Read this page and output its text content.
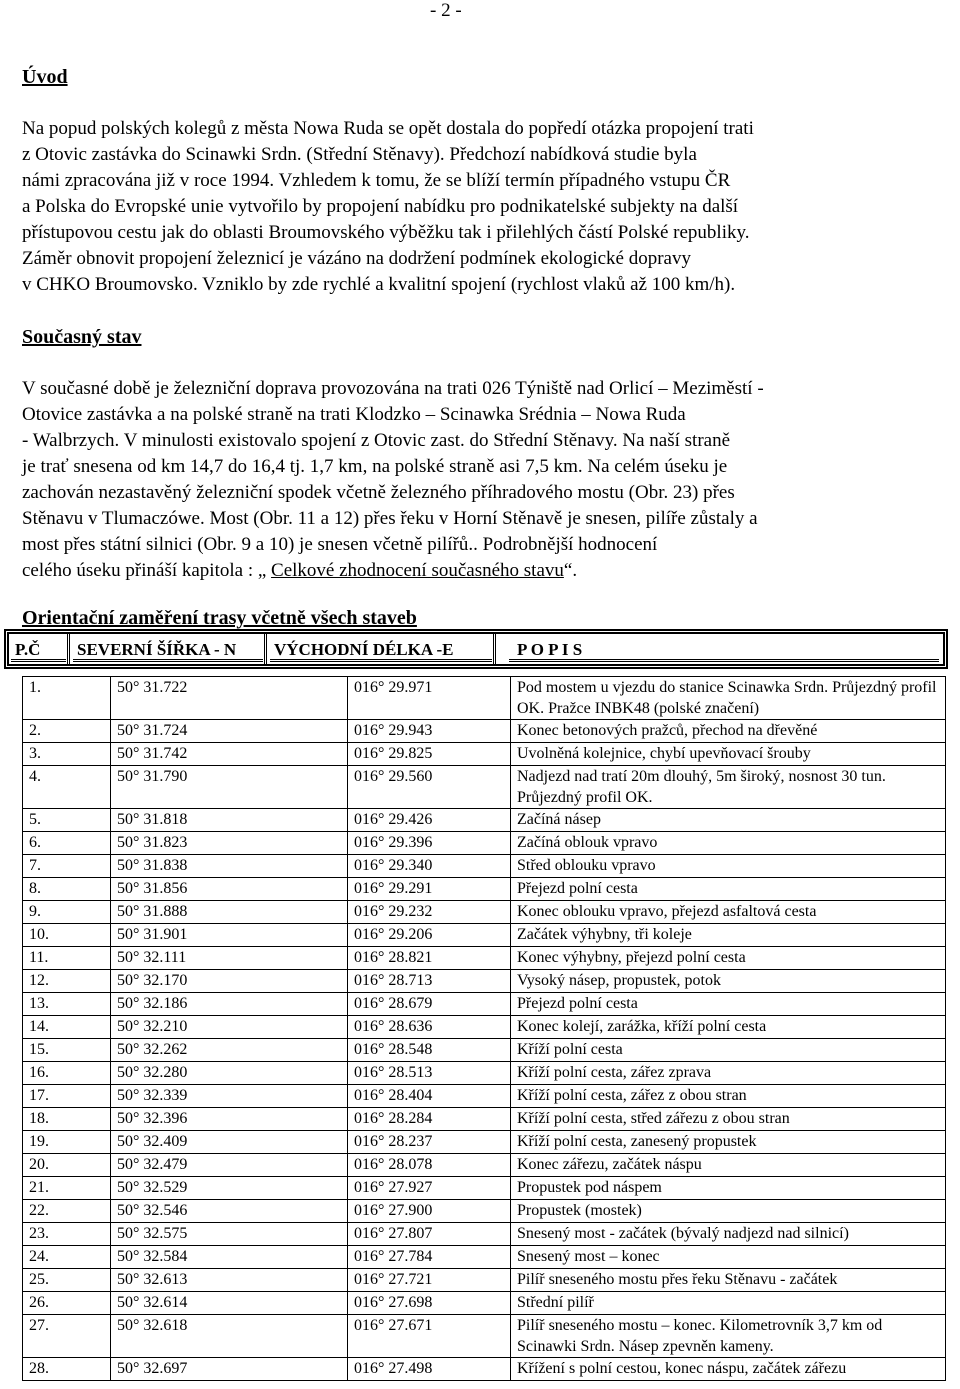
- 2 -
Úvod
Na popud polských kolegů z města Nowa Ruda se opět dostala do popředí otázka propojení trati
z Otovic zastávka do Scinawki Srdn. (Střední Stěnavy). Předchozí nabídková studie byla
námi zpracována již v roce 1994. Vzhledem k tomu, že se blíží termín případného vstupu ČR
a Polska do Evropské unie vytvořilo by propojení nabídku pro podnikatelské subjekty na další
přístupovou cestu jak do oblasti Broumovského výběžku tak i přilehlých částí Polské republiky.
Záměr obnovit propojení železnicí je vázáno na dodržení podmínek ekologické dopravy
v CHKO Broumovsko. Vzniklo by zde rychlé a kvalitní spojení (rychlost vlaků až 100 km/h).
Současný stav
V současné době je železniční doprava provozována na trati 026 Týniště nad Orlicí – Meziměstí -
Otovice zastávka a na polské straně na trati Klodzko – Scinawka Srédnia – Nowa Ruda
- Walbrzych. V minulosti existovalo spojení z Otovic zast. do Střední Stěnavy. Na naší straně
je trať snesena od km 14,7 do 16,4 tj. 1,7 km, na polské straně asi 7,5 km. Na celém úseku je
zachován nezastavěný železniční spodek včetně železného příhradového mostu (Obr. 23) přes
Stěnavu v Tlumaczówe. Most (Obr. 11 a 12) přes řeku v Horní Stěnavě je snesen, pilíře zůstaly a
most přes státní silnici (Obr. 9 a 10) je snesen včetně pilířů.. Podrobnější hodnocení
celého úseku přináší kapitola : „ Celkové zhodnocení současného stavu“.
Orientační zaměření trasy včetně všech staveb
P.Č	SEVERNÍ ŠÍŘKA - N	VÝCHODNÍ DÉLKA -E	P O P I S
1.	50° 31.722	016° 29.971	Pod mostem u vjezdu do stanice Scinawka Srdn. Průjezdný profil OK. Pražce INBK48 (polské značení)
2.	50° 31.724	016° 29.943	Konec betonových pražců, přechod na dřevěné
3.	50° 31.742	016° 29.825	Uvolněná kolejnice, chybí upevňovací šrouby
4.	50° 31.790	016° 29.560	Nadjezd nad tratí 20m dlouhý, 5m široký, nosnost 30 tun. Průjezdný profil OK.
5.	50° 31.818	016° 29.426	Začíná násep
6.	50° 31.823	016° 29.396	Začíná oblouk vpravo
7.	50° 31.838	016° 29.340	Střed oblouku vpravo
8.	50° 31.856	016° 29.291	Přejezd polní cesta
9.	50° 31.888	016° 29.232	Konec oblouku vpravo, přejezd asfaltová cesta
10.	50° 31.901	016° 29.206	Začátek výhybny, tři koleje
11.	50° 32.111	016° 28.821	Konec výhybny, přejezd polní cesta
12.	50° 32.170	016° 28.713	Vysoký násep, propustek, potok
13.	50° 32.186	016° 28.679	Přejezd polní cesta
14.	50° 32.210	016° 28.636	Konec kolejí, zarážka, kříží polní cesta
15.	50° 32.262	016° 28.548	Kříží polní cesta
16.	50° 32.280	016° 28.513	Kříží polní cesta, zářez zprava
17.	50° 32.339	016° 28.404	Kříží polní cesta, zářez z obou stran
18.	50° 32.396	016° 28.284	Kříží polní cesta, střed zářezu z obou stran
19.	50° 32.409	016° 28.237	Kříží polní cesta, zanesený propustek
20.	50° 32.479	016° 28.078	Konec zářezu, začátek náspu
21.	50° 32.529	016° 27.927	Propustek pod náspem
22.	50° 32.546	016° 27.900	Propustek (mostek)
23.	50° 32.575	016° 27.807	Snesený most - začátek (bývalý nadjezd nad silnicí)
24.	50° 32.584	016° 27.784	Snesený most – konec
25.	50° 32.613	016° 27.721	Pilíř sneseného mostu přes řeku Stěnavu - začátek
26.	50° 32.614	016° 27.698	Střední pilíř
27.	50° 32.618	016° 27.671	Pilíř sneseného mostu – konec. Kilometrovník 3,7 km od Scinawki Srdn. Násep zpevněn kameny.
28.	50° 32.697	016° 27.498	Křížení s polní cestou, konec náspu, začátek zářezu
